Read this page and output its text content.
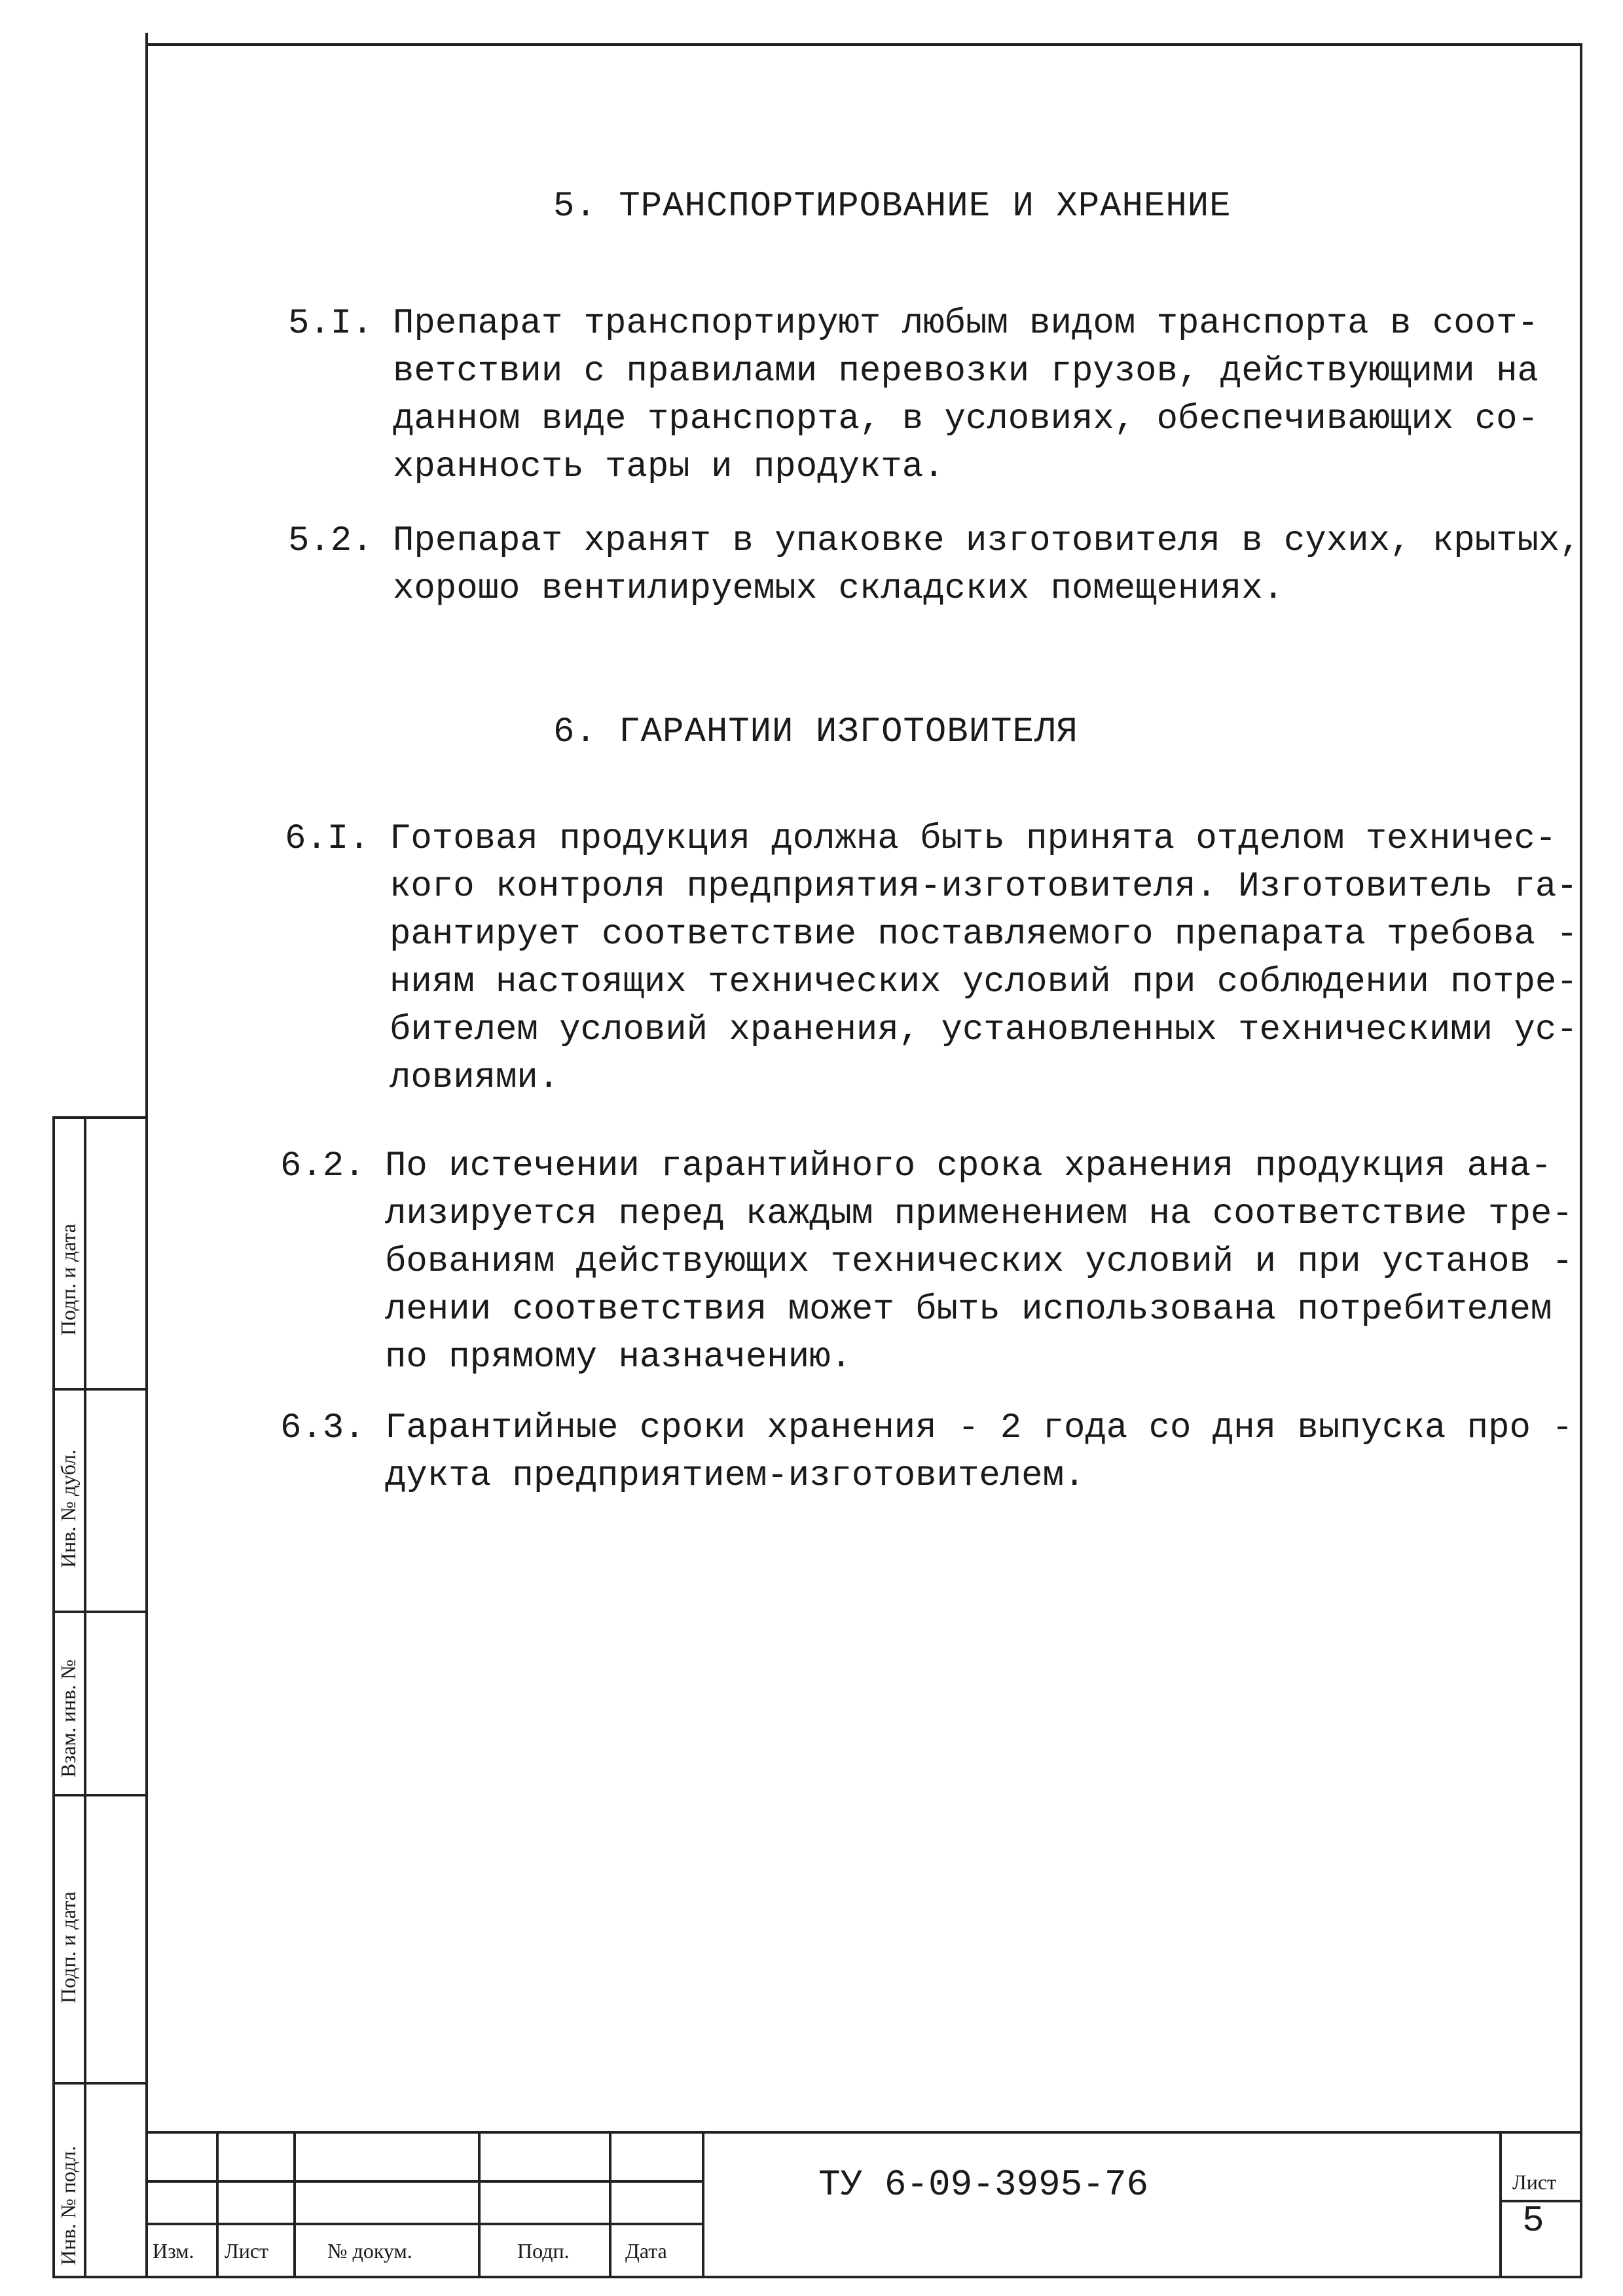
5. ТРАНСПОРТИРОВАНИЕ И ХРАНЕНИЕ
5.I. Препарат транспортируют любым видом транспорта в соот-
ветствии с правилами перевозки грузов, действующими на
данном виде транспорта, в условиях, обеспечивающих со-
хранность тары и продукта.
5.2. Препарат хранят в упаковке изготовителя в сухих, крытых,
хорошо вентилируемых складских помещениях.
6. ГАРАНТИИ ИЗГОТОВИТЕЛЯ
6.I. Готовая продукция должна быть принята отделом техничес-
кого контроля предприятия-изготовителя. Изготовитель га-
рантирует соответствие поставляемого препарата требова -
ниям настоящих технических условий при соблюдении потре-
бителем условий хранения, установленных техническими ус-
ловиями.
6.2. По истечении гарантийного срока хранения продукция ана-
лизируется перед каждым применением на соответствие тре-
бованиям действующих технических условий и при установ -
лении соответствия может быть использована потребителем
по прямому назначению.
6.3. Гарантийные сроки хранения - 2 года со дня выпуска про -
дукта предприятием-изготовителем.
Инв. № подл.
Подп. и дата
Взам. инв. №
Инв. № дубл.
Подп. и дата
Изм. Лист	№ докум.	Подп.	Дата
ТУ 6-09-3995-76	Лист
5
